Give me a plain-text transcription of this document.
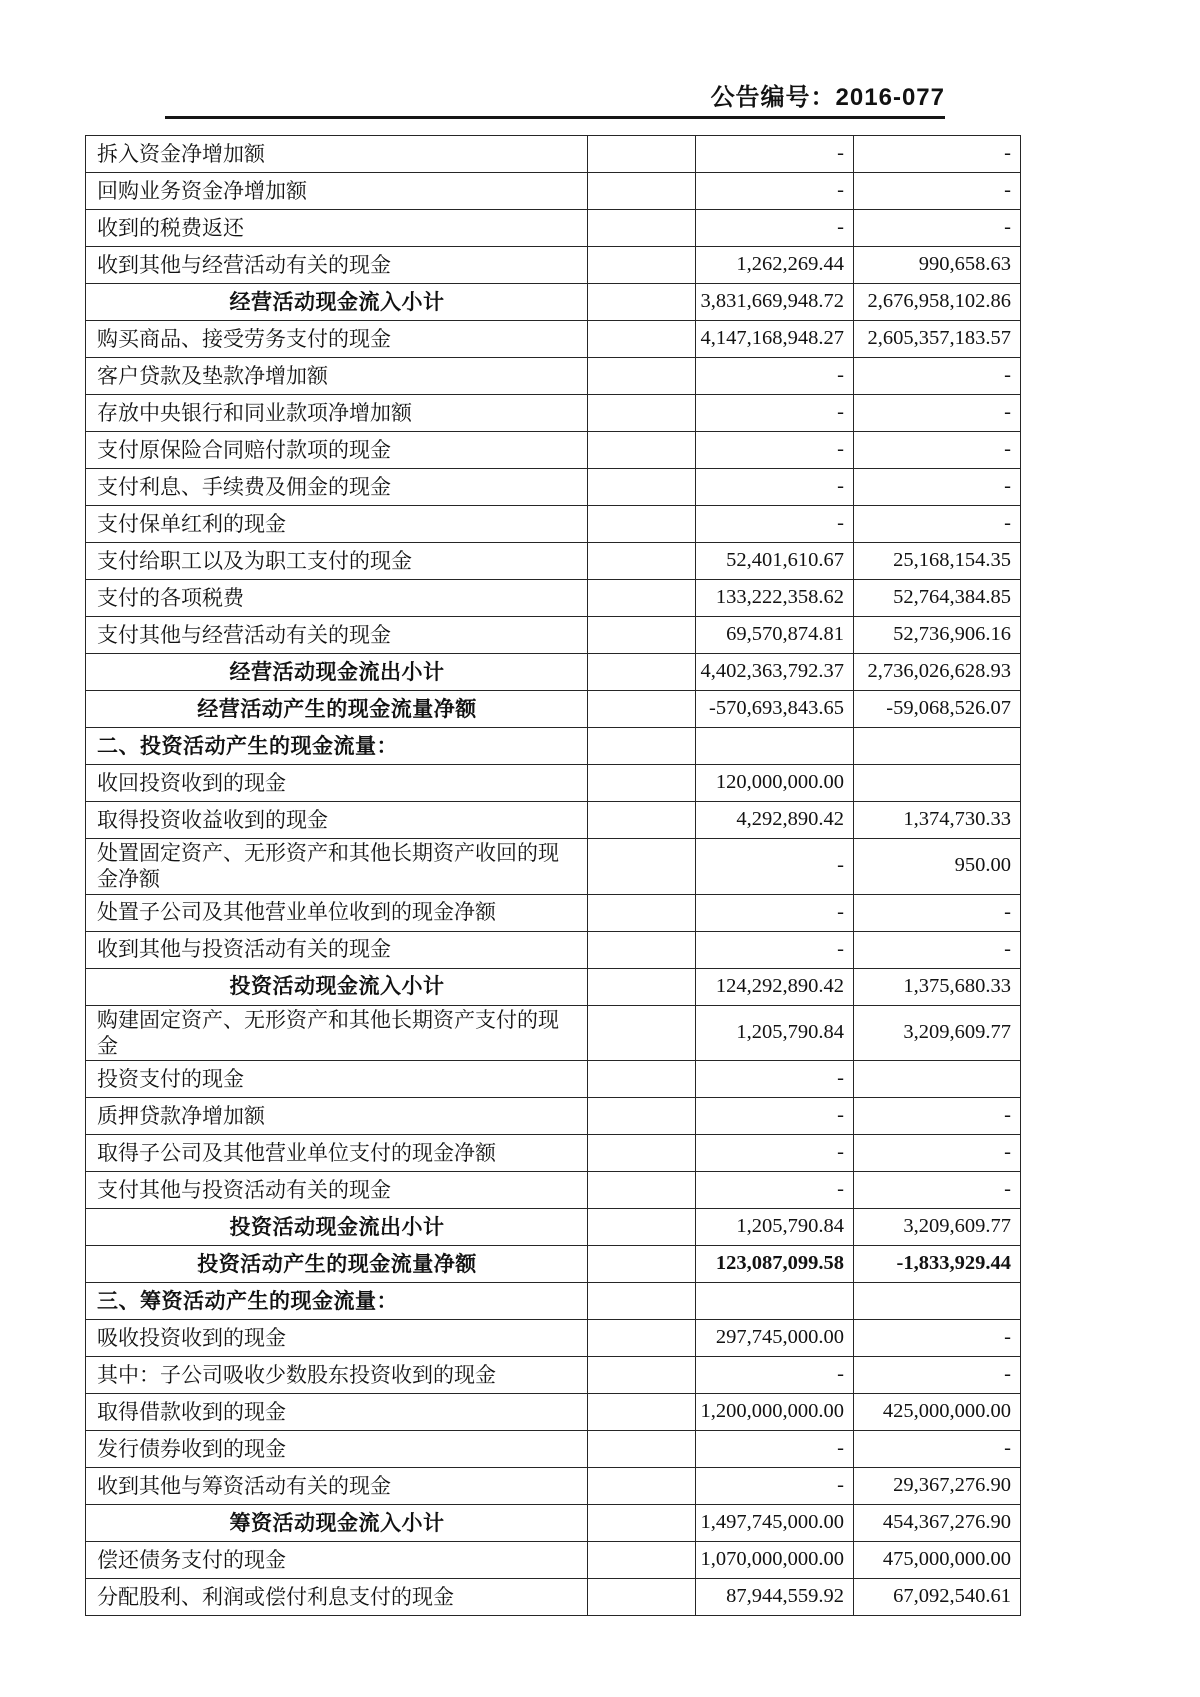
公告编号：2016-077
拆入资金净增加额		-	-
回购业务资金净增加额		-	-
收到的税费返还		-	-
收到其他与经营活动有关的现金		1,262,269.44	990,658.63
经营活动现金流入小计		3,831,669,948.72	2,676,958,102.86
购买商品、接受劳务支付的现金		4,147,168,948.27	2,605,357,183.57
客户贷款及垫款净增加额		-	-
存放中央银行和同业款项净增加额		-	-
支付原保险合同赔付款项的现金		-	-
支付利息、手续费及佣金的现金		-	-
支付保单红利的现金		-	-
支付给职工以及为职工支付的现金		52,401,610.67	25,168,154.35
支付的各项税费		133,222,358.62	52,764,384.85
支付其他与经营活动有关的现金		69,570,874.81	52,736,906.16
经营活动现金流出小计		4,402,363,792.37	2,736,026,628.93
经营活动产生的现金流量净额		-570,693,843.65	-59,068,526.07
二、投资活动产生的现金流量：			
收回投资收到的现金		120,000,000.00	
取得投资收益收到的现金		4,292,890.42	1,374,730.33
处置固定资产、无形资产和其他长期资产收回的现金净额		-	950.00
处置子公司及其他营业单位收到的现金净额		-	-
收到其他与投资活动有关的现金		-	-
投资活动现金流入小计		124,292,890.42	1,375,680.33
购建固定资产、无形资产和其他长期资产支付的现金		1,205,790.84	3,209,609.77
投资支付的现金		-	
质押贷款净增加额		-	-
取得子公司及其他营业单位支付的现金净额		-	-
支付其他与投资活动有关的现金		-	-
投资活动现金流出小计		1,205,790.84	3,209,609.77
投资活动产生的现金流量净额		123,087,099.58	-1,833,929.44
三、筹资活动产生的现金流量：			
吸收投资收到的现金		297,745,000.00	-
其中：子公司吸收少数股东投资收到的现金		-	-
取得借款收到的现金		1,200,000,000.00	425,000,000.00
发行债券收到的现金		-	-
收到其他与筹资活动有关的现金		-	29,367,276.90
筹资活动现金流入小计		1,497,745,000.00	454,367,276.90
偿还债务支付的现金		1,070,000,000.00	475,000,000.00
分配股利、利润或偿付利息支付的现金		87,944,559.92	67,092,540.61
